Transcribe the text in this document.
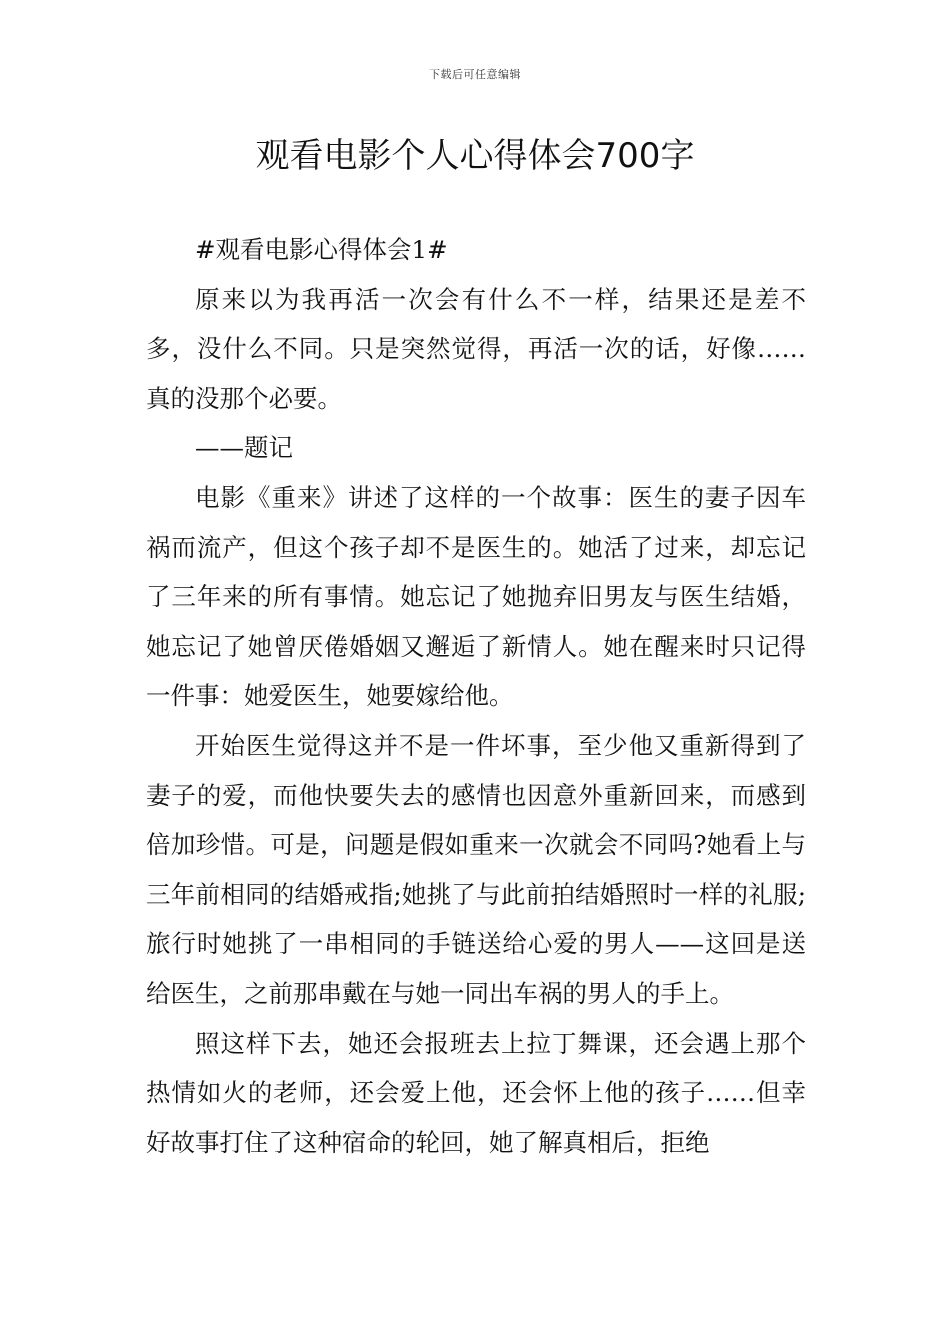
下载后可任意编辑
观看电影个人心得体会700字

#观看电影心得体会1#

原来以为我再活一次会有什么不一样，结果还是差不多，没什么不同。只是突然觉得，再活一次的话，好像……真的没那个必要。

——题记

电影《重来》讲述了这样的一个故事：医生的妻子因车祸而流产，但这个孩子却不是医生的。她活了过来，却忘记了三年来的所有事情。她忘记了她抛弃旧男友与医生结婚，她忘记了她曾厌倦婚姻又邂逅了新情人。她在醒来时只记得一件事：她爱医生，她要嫁给他。

开始医生觉得这并不是一件坏事，至少他又重新得到了妻子的爱，而他快要失去的感情也因意外重新回来，而感到倍加珍惜。可是，问题是假如重来一次就会不同吗?她看上与三年前相同的结婚戒指;她挑了与此前拍结婚照时一样的礼服;旅行时她挑了一串相同的手链送给心爱的男人——这回是送给医生，之前那串戴在与她一同出车祸的男人的手上。

照这样下去，她还会报班去上拉丁舞课，还会遇上那个热情如火的老师，还会爱上他，还会怀上他的孩子……但幸好故事打住了这种宿命的轮回，她了解真相后，拒绝
